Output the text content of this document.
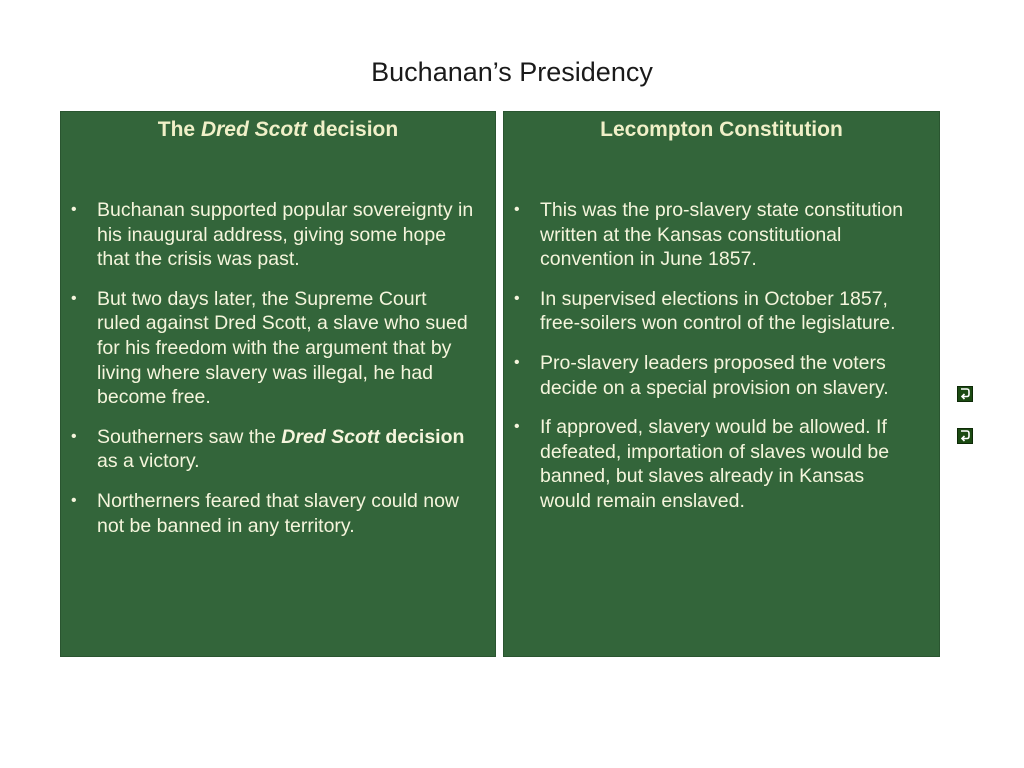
Buchanan’s Presidency
The Dred Scott decision
• Buchanan supported popular sovereignty in his inaugural address, giving some hope that the crisis was past.
• But two days later, the Supreme Court ruled against Dred Scott, a slave who sued for his freedom with the argument that by living where slavery was illegal, he had become free.
• Southerners saw the Dred Scott decision as a victory.
• Northerners feared that slavery could now not be banned in any territory.
Lecompton Constitution
• This was the pro-slavery state constitution written at the Kansas constitutional convention in June 1857.
• In supervised elections in October 1857, free-soilers won control of the legislature.
• Pro-slavery leaders proposed the voters decide on a special provision on slavery.
• If approved, slavery would be allowed. If defeated, importation of slaves would be banned, but slaves already in Kansas would remain enslaved.
